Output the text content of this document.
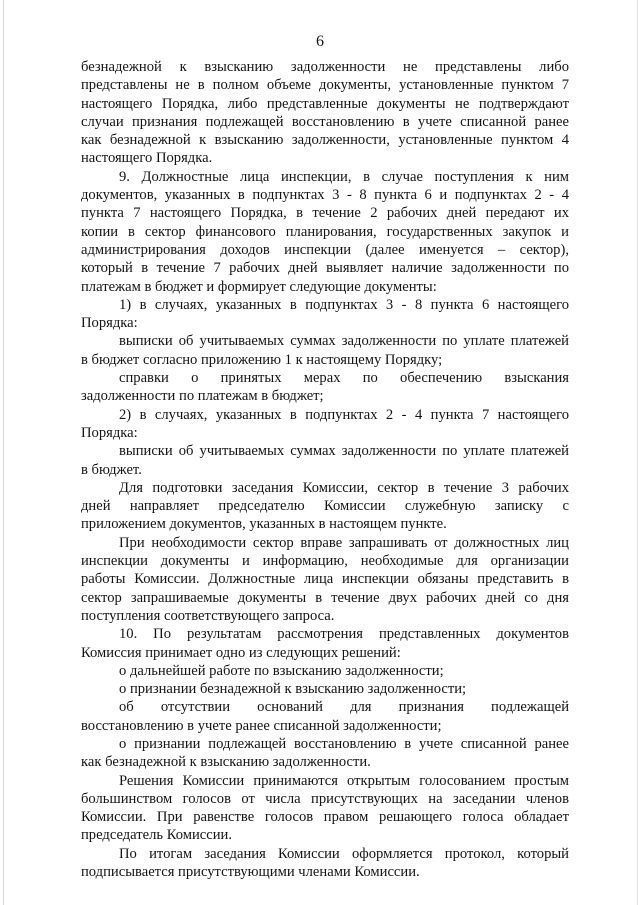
6

безнадежной к взысканию задолженности не представлены либо
представлены не в полном объеме документы, установленные пунктом 7
настоящего Порядка, либо представленные документы не подтверждают
случаи признания подлежащей восстановлению в учете списанной ранее
как безнадежной к взысканию задолженности, установленные пунктом 4
настоящего Порядка.

9. Должностные лица инспекции, в случае поступления к ним
документов, указанных в подпунктах 3 - 8 пункта 6 и подпунктах 2 - 4
пункта 7 настоящего Порядка, в течение 2 рабочих дней передают их
копии в сектор финансового планирования, государственных закупок и
администрирования доходов инспекции (далее именуется – сектор),
который в течение 7 рабочих дней выявляет наличие задолженности по
платежам в бюджет и формирует следующие документы:

1) в случаях, указанных в подпунктах 3 - 8 пункта 6 настоящего
Порядка:

выписки об учитываемых суммах задолженности по уплате платежей
в бюджет согласно приложению 1 к настоящему Порядку;

справки о принятых мерах по обеспечению взыскания
задолженности по платежам в бюджет;

2) в случаях, указанных в подпунктах 2 - 4 пункта 7 настоящего
Порядка:

выписки об учитываемых суммах задолженности по уплате платежей
в бюджет.

Для подготовки заседания Комиссии, сектор в течение 3 рабочих
дней направляет председателю Комиссии служебную записку с
приложением документов, указанных в настоящем пункте.

При необходимости сектор вправе запрашивать от должностных лиц
инспекции документы и информацию, необходимые для организации
работы Комиссии. Должностные лица инспекции обязаны представить в
сектор запрашиваемые документы в течение двух рабочих дней со дня
поступления соответствующего запроса.

10. По результатам рассмотрения представленных документов
Комиссия принимает одно из следующих решений:

о дальнейшей работе по взысканию задолженности;

о признании безнадежной к взысканию задолженности;

об отсутствии оснований для признания подлежащей
восстановлению в учете ранее списанной задолженности;

о признании подлежащей восстановлению в учете списанной ранее
как безнадежной к взысканию задолженности.

Решения Комиссии принимаются открытым голосованием простым
большинством голосов от числа присутствующих на заседании членов
Комиссии. При равенстве голосов правом решающего голоса обладает
председатель Комиссии.

По итогам заседания Комиссии оформляется протокол, который
подписывается присутствующими членами Комиссии.
